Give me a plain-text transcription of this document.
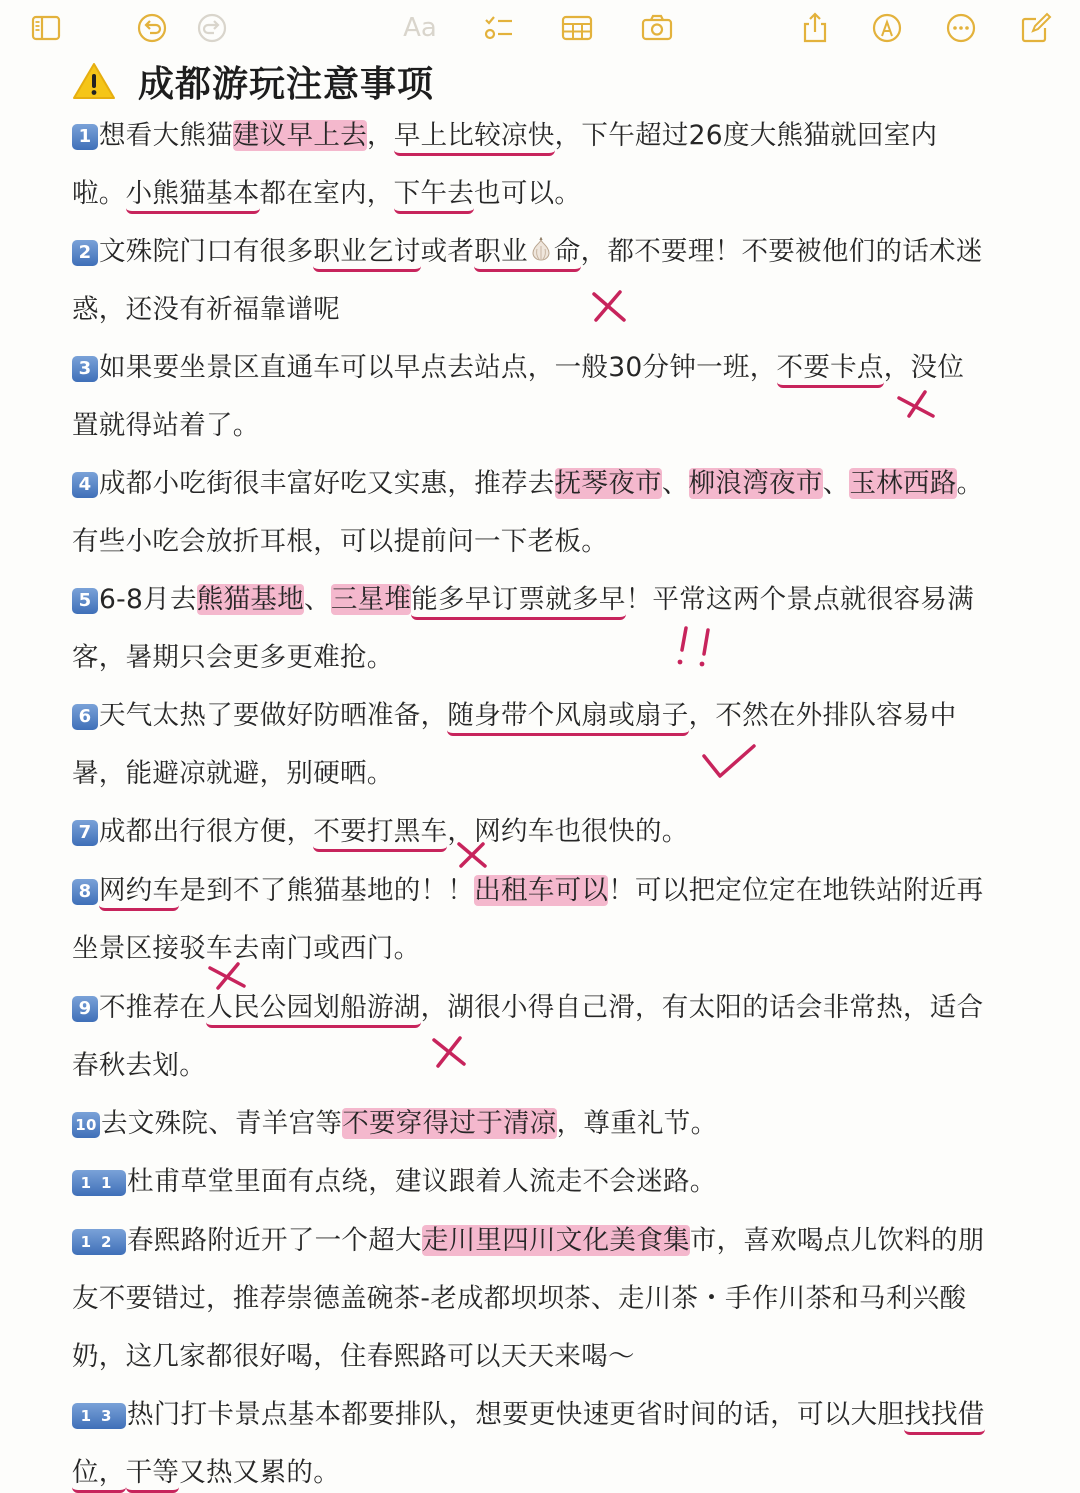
Aa
成都游玩注意事项
1 想看大熊猫建议早上去，早上比较凉快，下午超过26度大熊猫就回室内
啦。小熊猫基本都在室内，下午去也可以。
2 文殊院门口有很多职业乞讨或者职业 命，都不要理！不要被他们的话术迷
惑，还没有祈福靠谱呢
3 如果要坐景区直通车可以早点去站点，一般30分钟一班，不要卡点，没位
置就得站着了。
4 成都小吃街很丰富好吃又实惠，推荐去抚琴夜市、柳浪湾夜市、玉林西路。
有些小吃会放折耳根，可以提前问一下老板。
5 6-8月去熊猫基地、三星堆能多早订票就多早！平常这两个景点就很容易满
客，暑期只会更多更难抢。
6 天气太热了要做好防晒准备，随身带个风扇或扇子，不然在外排队容易中
暑，能避凉就避，别硬晒。
7 成都出行很方便，不要打黑车，网约车也很快的。
8 网约车是到不了熊猫基地的！！出租车可以！可以把定位定在地铁站附近再
坐景区接驳车去南门或西门。
9 不推荐在人民公园划船游湖，湖很小得自己滑，有太阳的话会非常热，适合
春秋去划。
10 去文殊院、青羊宫等不要穿得过于清凉，尊重礼节。
11 杜甫草堂里面有点绕，建议跟着人流走不会迷路。
12 春熙路附近开了一个超大走川里四川文化美食集市，喜欢喝点儿饮料的朋
友不要错过，推荐崇德盖碗茶-老成都坝坝茶、走川茶・手作川茶和马利兴酸
奶，这几家都很好喝，住春熙路可以天天来喝～
13 热门打卡景点基本都要排队，想要更快速更省时间的话，可以大胆找找借
位，干等又热又累的。
